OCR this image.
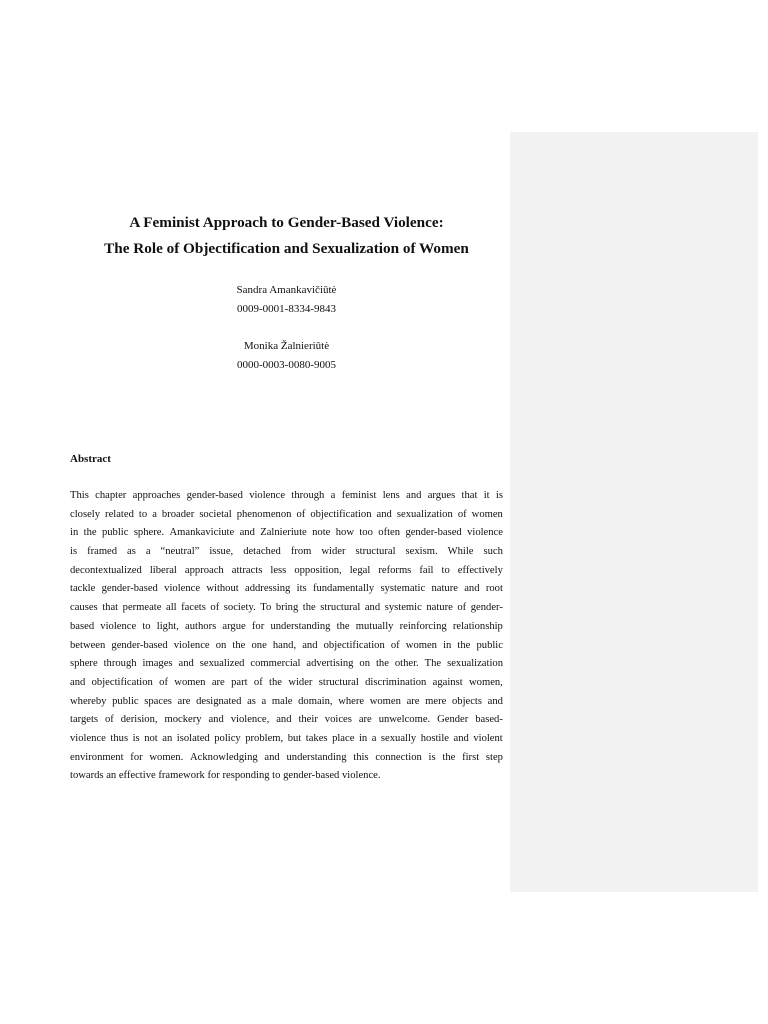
A Feminist Approach to Gender-Based Violence:
The Role of Objectification and Sexualization of Women
Sandra Amankavičiūtė
0009-0001-8334-9843
Monika Žalnieriūtė
0000-0003-0080-9005
Abstract
This chapter approaches gender-based violence through a feminist lens and argues that it is
closely related to a broader societal phenomenon of objectification and sexualization of women
in the public sphere. Amankaviciute and Zalnieriute note how too often gender-based violence
is framed as a “neutral” issue, detached from wider structural sexism. While such
decontextualized liberal approach attracts less opposition, legal reforms fail to effectively
tackle gender-based violence without addressing its fundamentally systematic nature and root
causes that permeate all facets of society. To bring the structural and systemic nature of gender-
based violence to light, authors argue for understanding the mutually reinforcing relationship
between gender-based violence on the one hand, and objectification of women in the public
sphere through images and sexualized commercial advertising on the other. The sexualization
and objectification of women are part of the wider structural discrimination against women,
whereby public spaces are designated as a male domain, where women are mere objects and
targets of derision, mockery and violence, and their voices are unwelcome. Gender based-
violence thus is not an isolated policy problem, but takes place in a sexually hostile and violent
environment for women. Acknowledging and understanding this connection is the first step
towards an effective framework for responding to gender-based violence.
